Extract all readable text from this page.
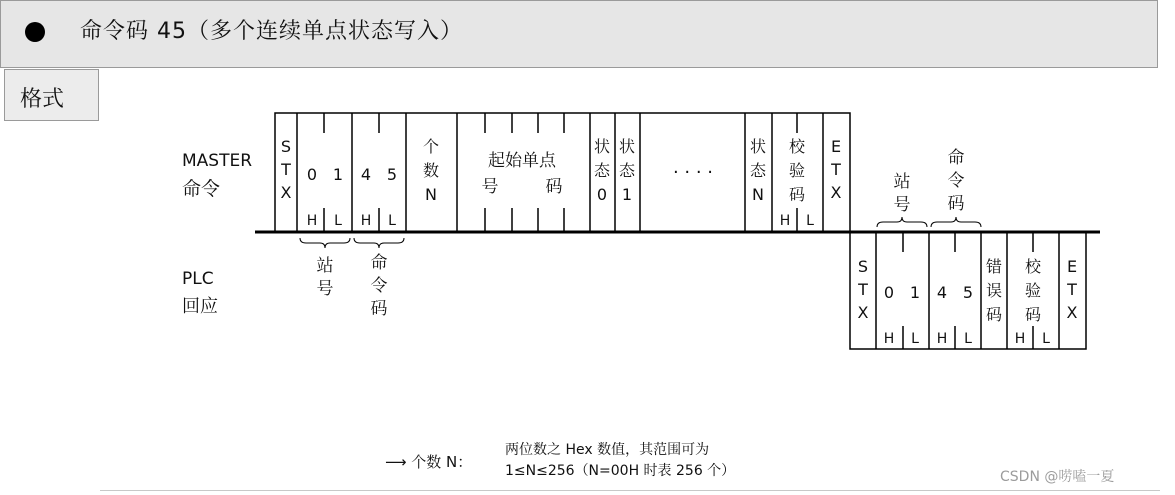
命令码 45（多个连续单点状态写入）
格式
MASTER
命令
S
T
X
0 1
H L
4 5
H L
个
数
N
起始单点
号	码
状
态
0
状
态
1
· · · ·
状
态
N
校
验
码
H L
E
T
X
站
号
命
令
码
PLC
回应
站
号
命
令
码
S
T
X
0 1
H L
4 5
H L
错
误
码
校
验
码
H L
E
T
X
⟶ 个数 N：
两位数之 Hex 数值，其范围可为
1≤N≤256（N=00H 时表 256 个）	CSDN @唠嗑一夏
